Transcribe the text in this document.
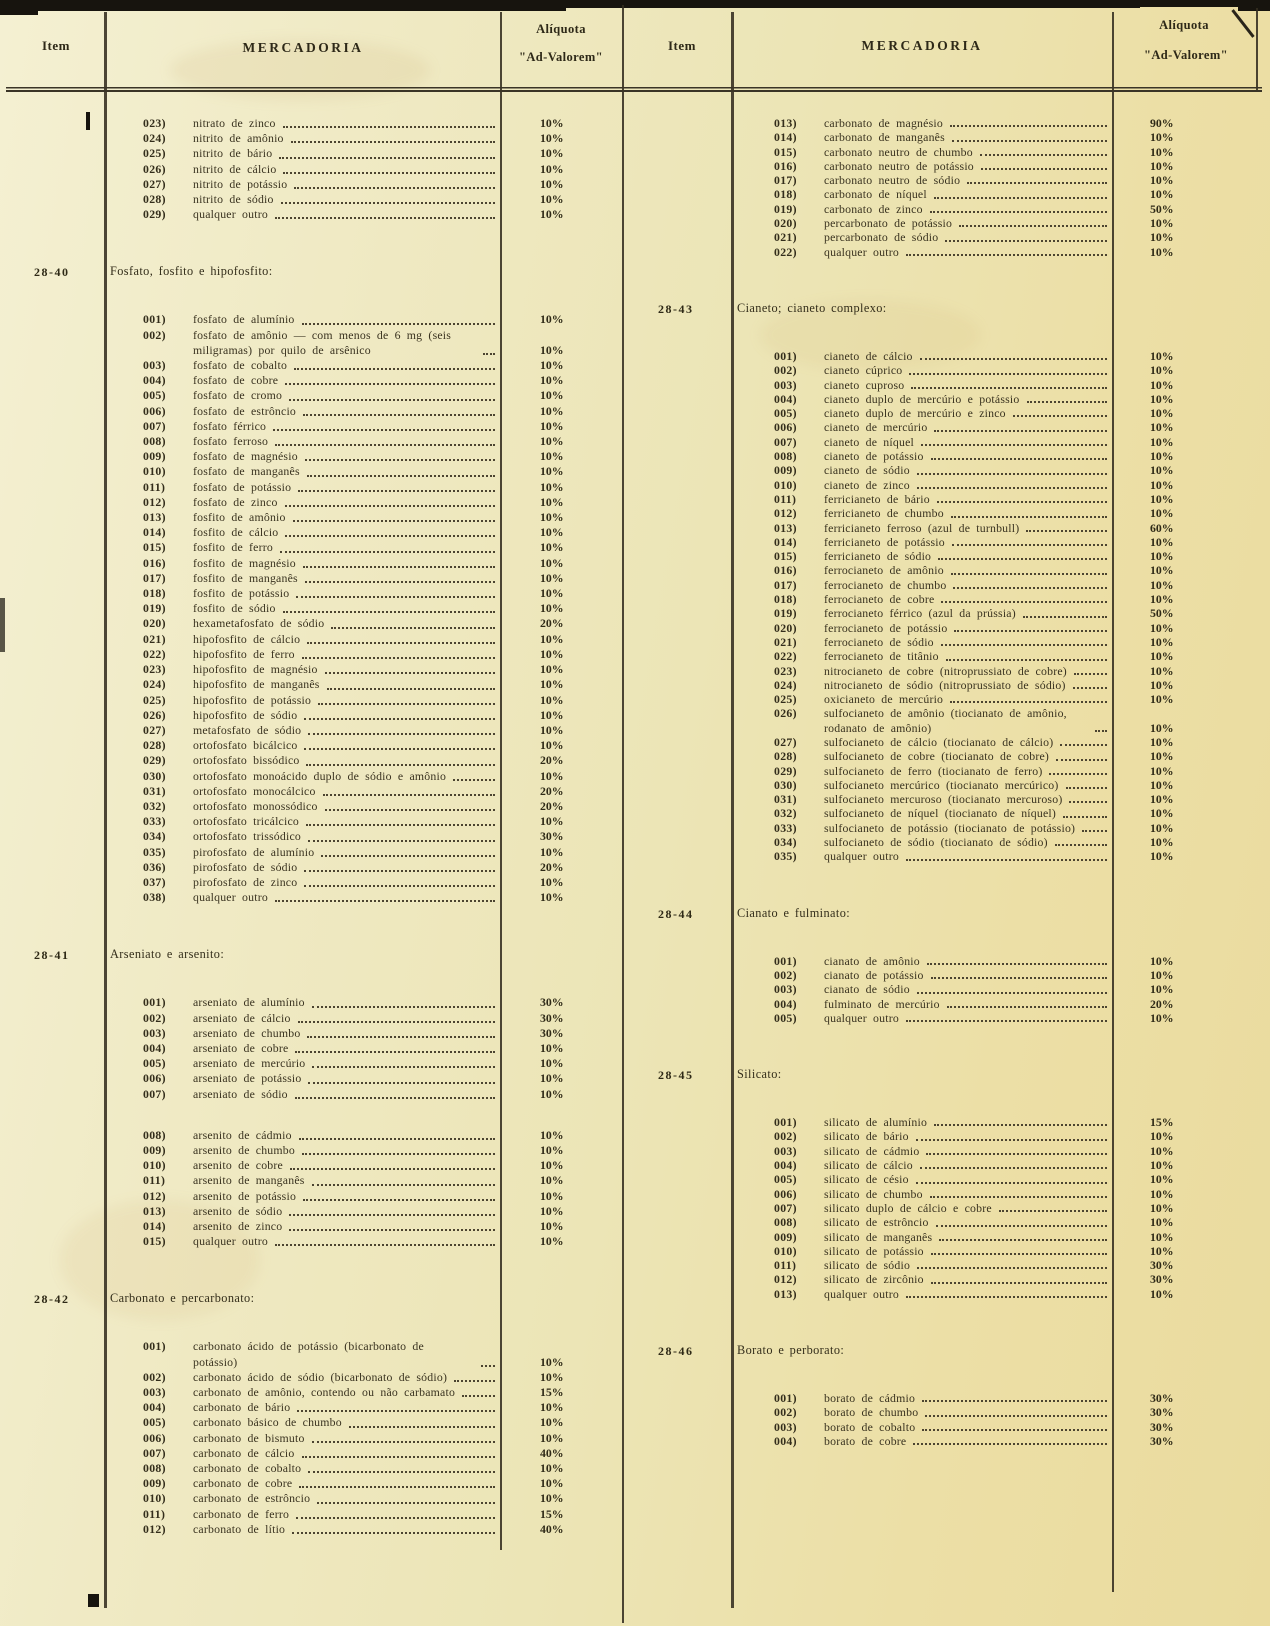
Item	MERCADORIA
Alíquota
"Ad-Valorem"
Item	MERCADORIA
Alíquota
"Ad-Valorem"
023)	nitrato de zinco	10%
024)	nitrito de amônio	10%
025)	nitrito de bário	10%
026)	nitrito de cálcio	10%
027)	nitrito de potássio	10%
028)	nitrito de sódio	10%
029)	qualquer outro	10%
28-40	Fosfato, fosfito e hipofosfito:
001)	fosfato de alumínio	10%
002)	fosfato de amônio — com menos de 6 mg (seis miligramas) por quilo de arsênico	10%
003)	fosfato de cobalto	10%
004)	fosfato de cobre	10%
005)	fosfato de cromo	10%
006)	fosfato de estrôncio	10%
007)	fosfato férrico	10%
008)	fosfato ferroso	10%
009)	fosfato de magnésio	10%
010)	fosfato de manganês	10%
011)	fosfato de potássio	10%
012)	fosfato de zinco	10%
013)	fosfito de amônio	10%
014)	fosfito de cálcio	10%
015)	fosfito de ferro	10%
016)	fosfito de magnésio	10%
017)	fosfito de manganês	10%
018)	fosfito de potássio	10%
019)	fosfito de sódio	10%
020)	hexametafosfato de sódio	20%
021)	hipofosfito de cálcio	10%
022)	hipofosfito de ferro	10%
023)	hipofosfito de magnésio	10%
024)	hipofosfito de manganês	10%
025)	hipofosfito de potássio	10%
026)	hipofosfito de sódio	10%
027)	metafosfato de sódio	10%
028)	ortofosfato bicálcico	10%
029)	ortofosfato bissódico	20%
030)	ortofosfato monoácido duplo de sódio e amônio	10%
031)	ortofosfato monocálcico	20%
032)	ortofosfato monossódico	20%
033)	ortofosfato tricálcico	10%
034)	ortofosfato trissódico	30%
035)	pirofosfato de alumínio	10%
036)	pirofosfato de sódio	20%
037)	pirofosfato de zinco	10%
038)	qualquer outro	10%
28-41	Arseniato e arsenito:
001)	arseniato de alumínio	30%
002)	arseniato de cálcio	30%
003)	arseniato de chumbo	30%
004)	arseniato de cobre	10%
005)	arseniato de mercúrio	10%
006)	arseniato de potássio	10%
007)	arseniato de sódio	10%
008)	arsenito de cádmio	10%
009)	arsenito de chumbo	10%
010)	arsenito de cobre	10%
011)	arsenito de manganês	10%
012)	arsenito de potássio	10%
013)	arsenito de sódio	10%
014)	arsenito de zinco	10%
015)	qualquer outro	10%
28-42	Carbonato e percarbonato:
001)	carbonato ácido de potássio (bicarbonato de potássio)	10%
002)	carbonato ácido de sódio (bicarbonato de sódio)	10%
003)	carbonato de amônio, contendo ou não carbamato	15%
004)	carbonato de bário	10%
005)	carbonato básico de chumbo	10%
006)	carbonato de bismuto	10%
007)	carbonato de cálcio	40%
008)	carbonato de cobalto	10%
009)	carbonato de cobre	10%
010)	carbonato de estrôncio	10%
011)	carbonato de ferro	15%
012)	carbonato de lítio	40%
013)	carbonato de magnésio	90%
014)	carbonato de manganês	10%
015)	carbonato neutro de chumbo	10%
016)	carbonato neutro de potássio	10%
017)	carbonato neutro de sódio	10%
018)	carbonato de níquel	10%
019)	carbonato de zinco	50%
020)	percarbonato de potássio	10%
021)	percarbonato de sódio	10%
022)	qualquer outro	10%
28-43	Cianeto; cianeto complexo:
001)	cianeto de cálcio	10%
002)	cianeto cúprico	10%
003)	cianeto cuproso	10%
004)	cianeto duplo de mercúrio e potássio	10%
005)	cianeto duplo de mercúrio e zinco	10%
006)	cianeto de mercúrio	10%
007)	cianeto de níquel	10%
008)	cianeto de potássio	10%
009)	cianeto de sódio	10%
010)	cianeto de zinco	10%
011)	ferricianeto de bário	10%
012)	ferricianeto de chumbo	10%
013)	ferricianeto ferroso (azul de turnbull)	60%
014)	ferricianeto de potássio	10%
015)	ferricianeto de sódio	10%
016)	ferrocianeto de amônio	10%
017)	ferrocianeto de chumbo	10%
018)	ferrocianeto de cobre	10%
019)	ferrocianeto férrico (azul da prússia)	50%
020)	ferrocianeto de potássio	10%
021)	ferrocianeto de sódio	10%
022)	ferrocianeto de titânio	10%
023)	nitrocianeto de cobre (nitroprussiato de cobre)	10%
024)	nitrocianeto de sódio (nitroprussiato de sódio)	10%
025)	oxicianeto de mercúrio	10%
026)	sulfocianeto de amônio (tiocianato de amônio, rodanato de amônio)	10%
027)	sulfocianeto de cálcio (tiocianato de cálcio)	10%
028)	sulfocianeto de cobre (tiocianato de cobre)	10%
029)	sulfocianeto de ferro (tiocianato de ferro)	10%
030)	sulfocianeto mercúrico (tiocianato mercúrico)	10%
031)	sulfocianeto mercuroso (tiocianato mercuroso)	10%
032)	sulfocianeto de níquel (tiocianato de níquel)	10%
033)	sulfocianeto de potássio (tiocianato de potássio)	10%
034)	sulfocianeto de sódio (tiocianato de sódio)	10%
035)	qualquer outro	10%
28-44	Cianato e fulminato:
001)	cianato de amônio	10%
002)	cianato de potássio	10%
003)	cianato de sódio	10%
004)	fulminato de mercúrio	20%
005)	qualquer outro	10%
28-45	Silicato:
001)	silicato de alumínio	15%
002)	silicato de bário	10%
003)	silicato de cádmio	10%
004)	silicato de cálcio	10%
005)	silicato de césio	10%
006)	silicato de chumbo	10%
007)	silicato duplo de cálcio e cobre	10%
008)	silicato de estrôncio	10%
009)	silicato de manganês	10%
010)	silicato de potássio	10%
011)	silicato de sódio	30%
012)	silicato de zircônio	30%
013)	qualquer outro	10%
28-46	Borato e perborato:
001)	borato de cádmio	30%
002)	borato de chumbo	30%
003)	borato de cobalto	30%
004)	borato de cobre	30%
